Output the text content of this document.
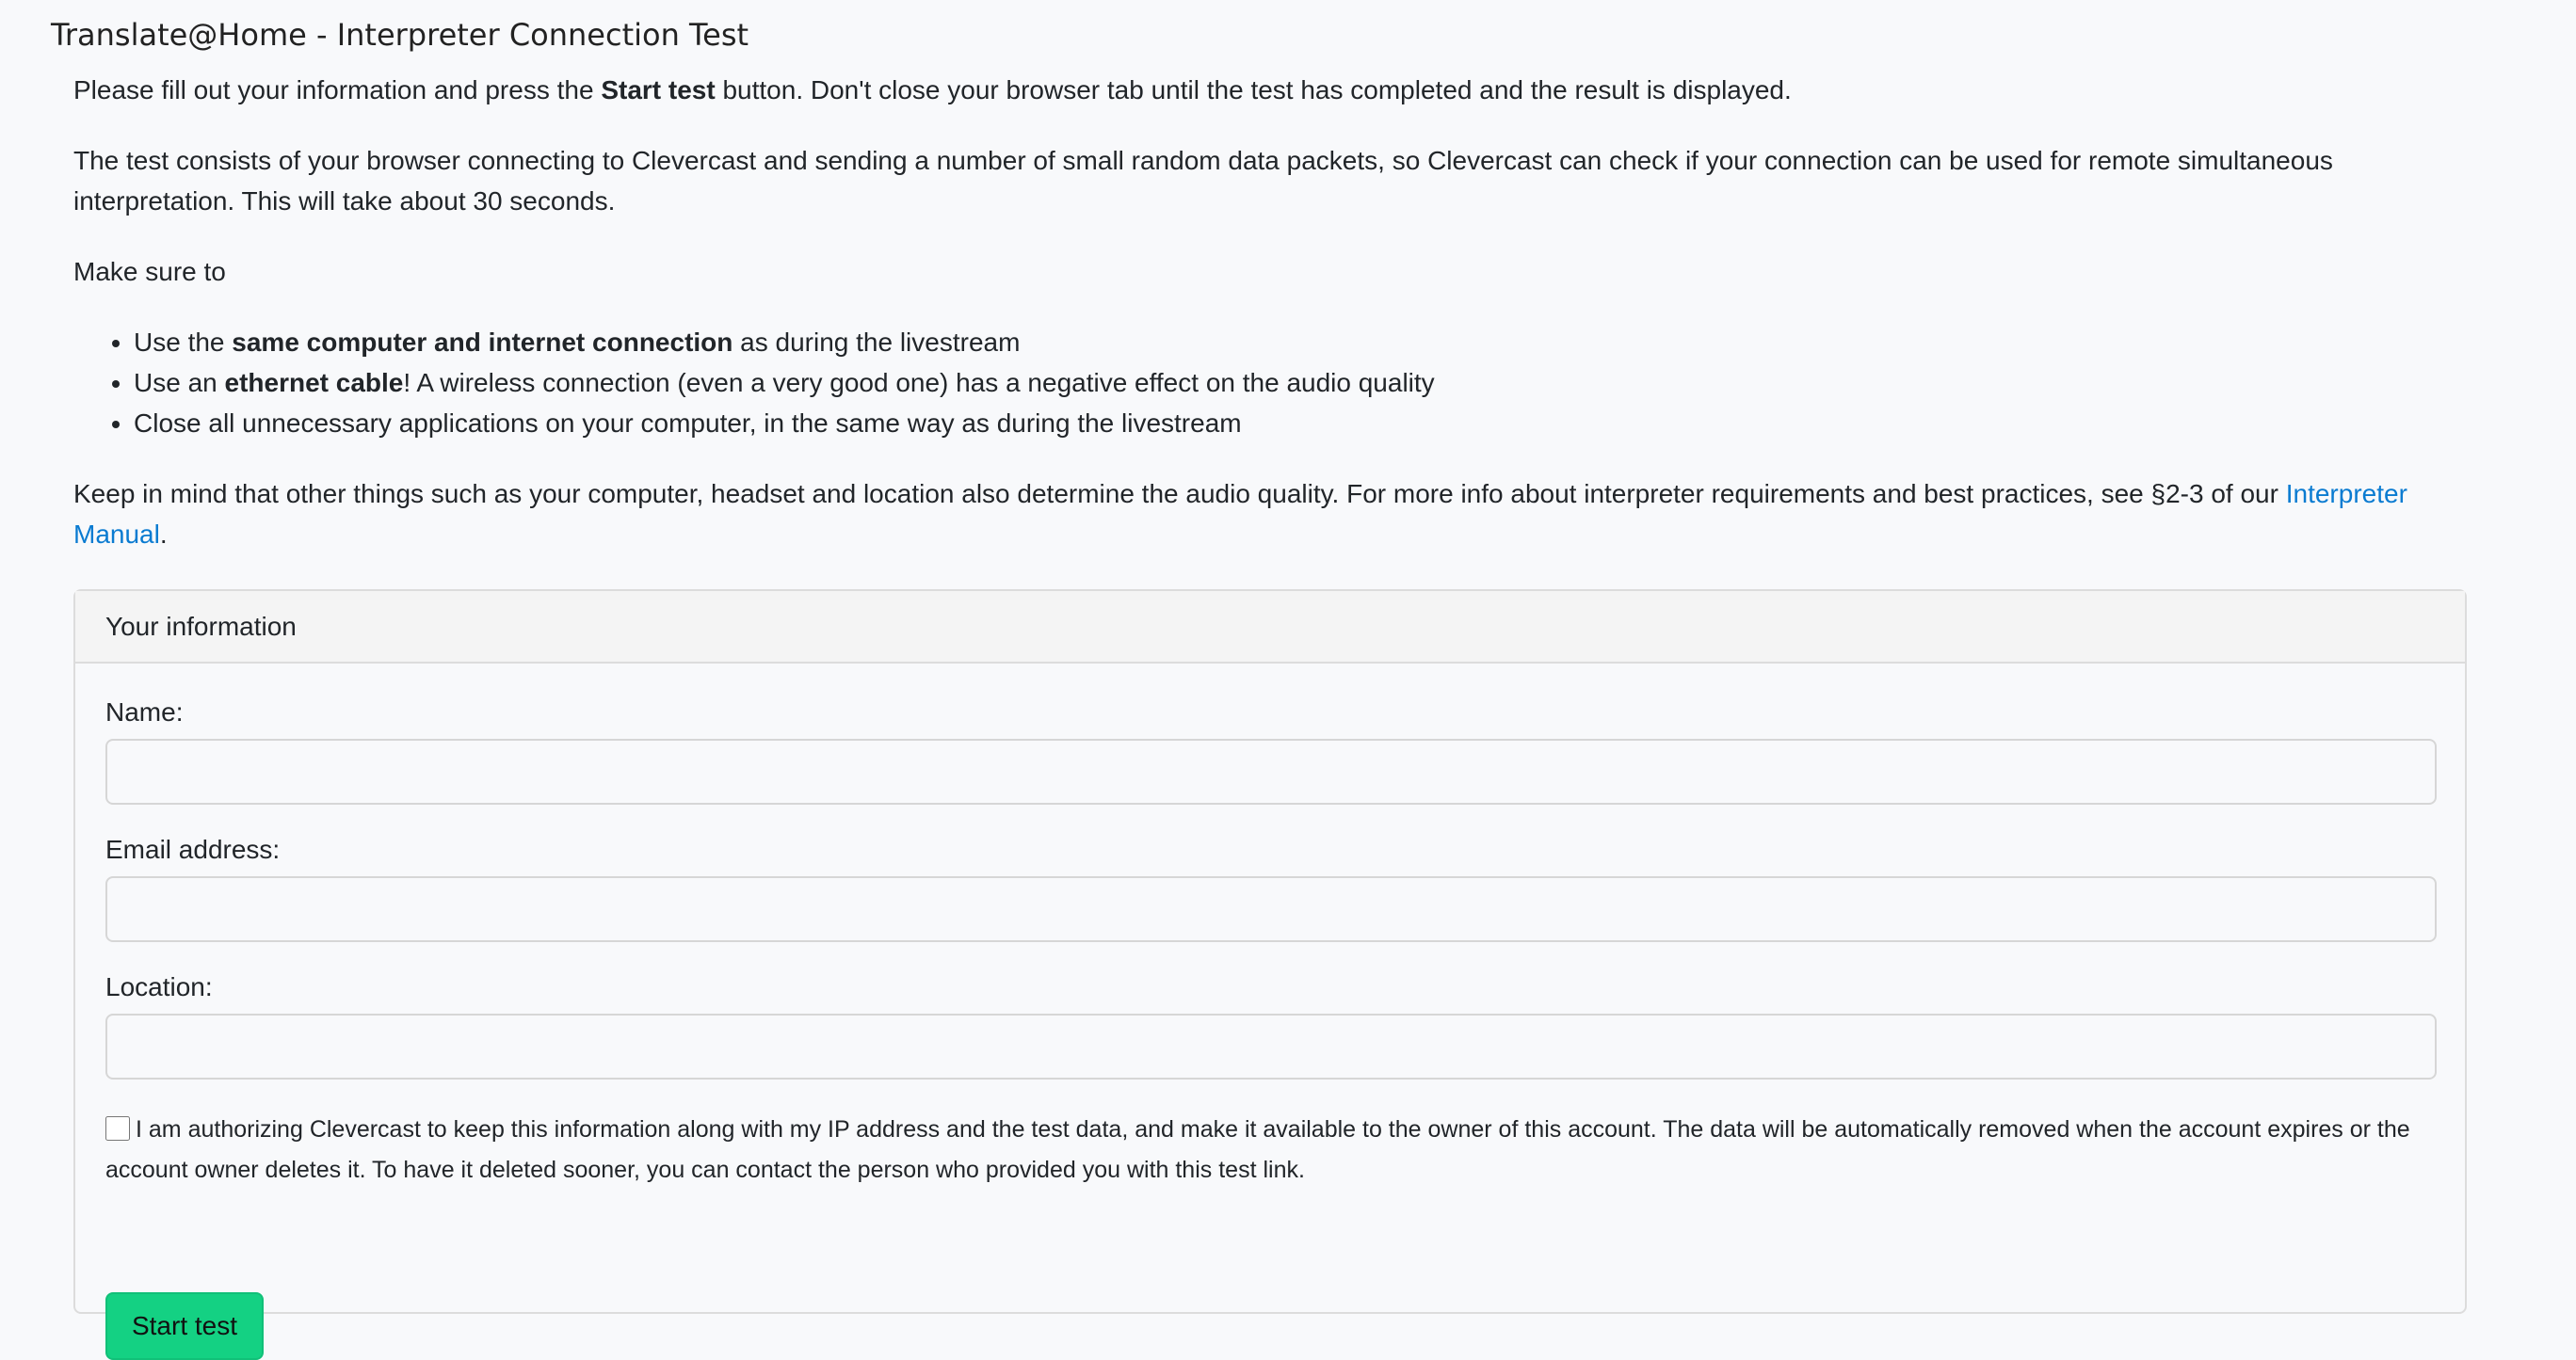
Translate@Home - Interpreter Connection Test

Please fill out your information and press the Start test button. Don't close your browser tab until the test has completed and the result is displayed.

The test consists of your browser connecting to Clevercast and sending a number of small random data packets, so Clevercast can check if your connection can be used for remote simultaneous interpretation. This will take about 30 seconds.

Make sure to

• Use the same computer and internet connection as during the livestream
• Use an ethernet cable! A wireless connection (even a very good one) has a negative effect on the audio quality
• Close all unnecessary applications on your computer, in the same way as during the livestream

Keep in mind that other things such as your computer, headset and location also determine the audio quality. For more info about interpreter requirements and best practices, see §2-3 of our Interpreter Manual.

Your information
Name:
Email address:
Location:
I am authorizing Clevercast to keep this information along with my IP address and the test data, and make it available to the owner of this account. The data will be automatically removed when the account expires or the account owner deletes it. To have it deleted sooner, you can contact the person who provided you with this test link.
Start test
